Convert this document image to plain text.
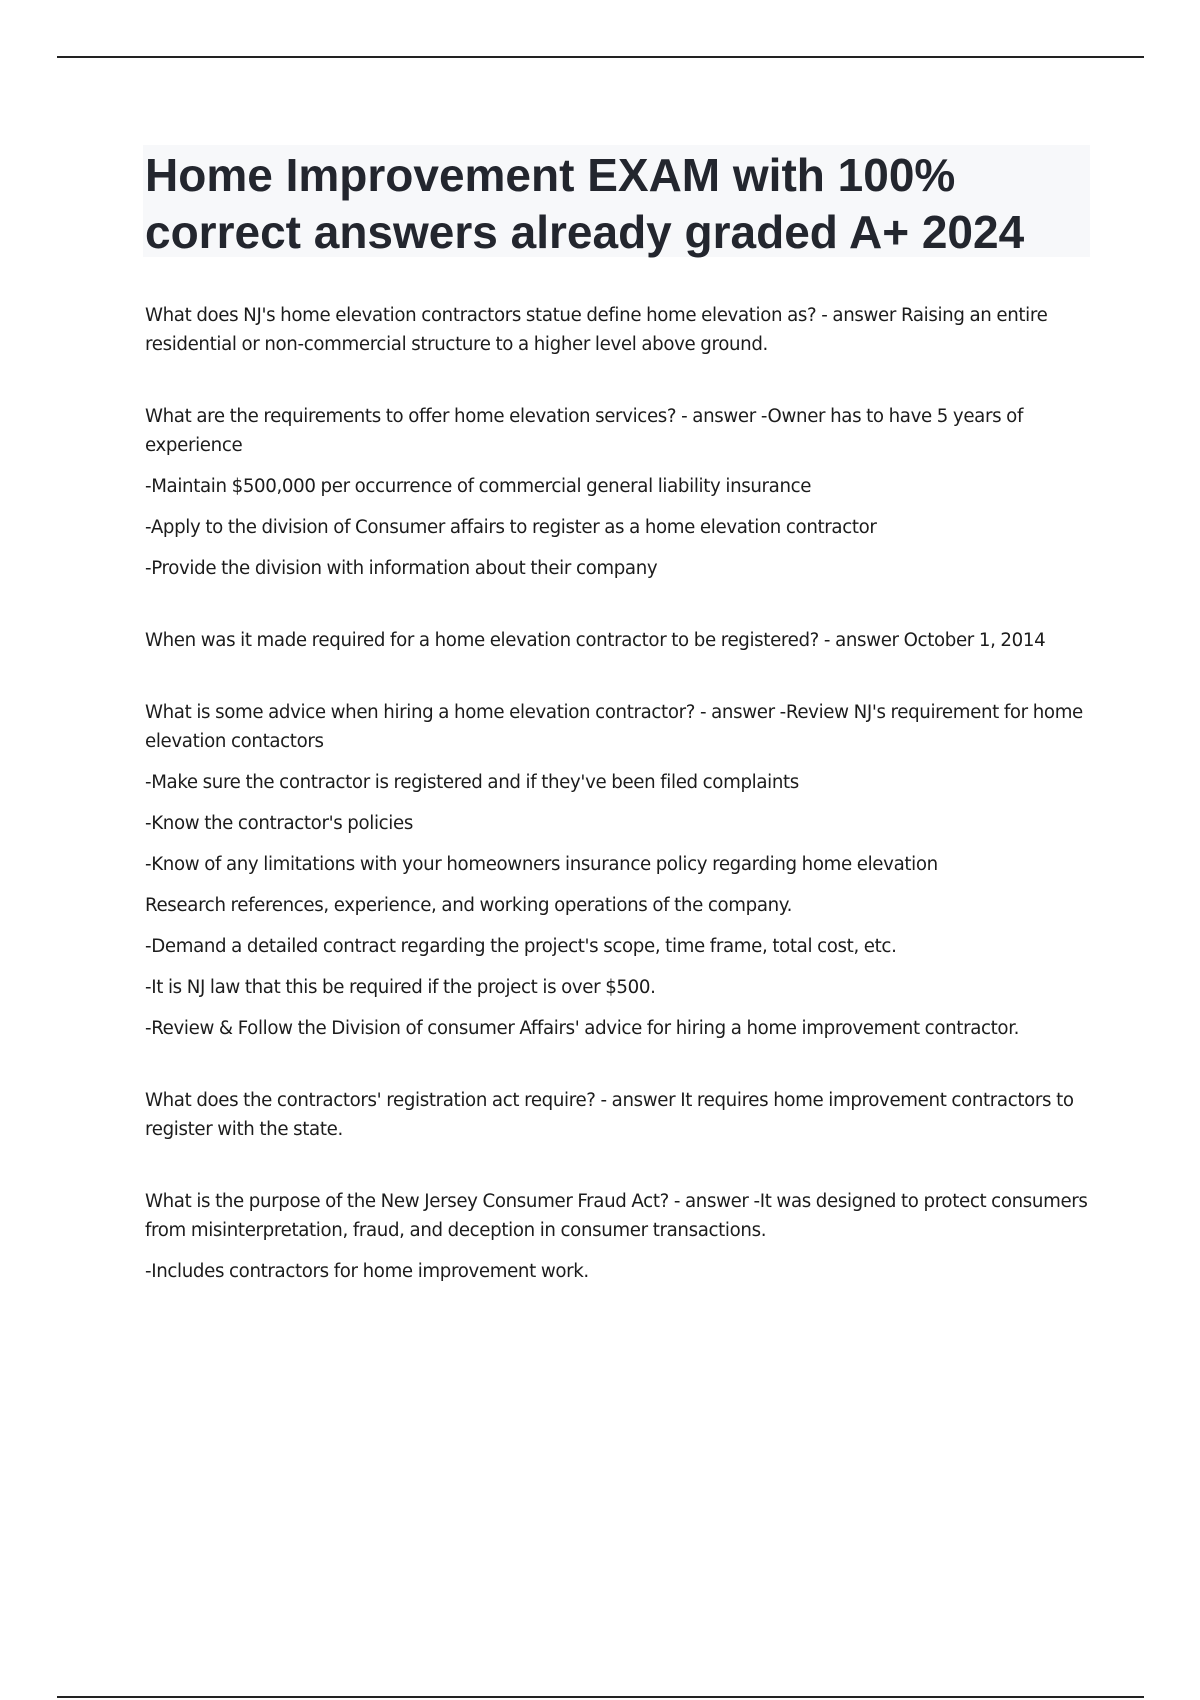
Home Improvement EXAM with 100% correct answers already graded A+ 2024

What does NJ's home elevation contractors statue define home elevation as? - answer Raising an entire residential or non-commercial structure to a higher level above ground.

What are the requirements to offer home elevation services? - answer -Owner has to have 5 years of experience

-Maintain $500,000 per occurrence of commercial general liability insurance

-Apply to the division of Consumer affairs to register as a home elevation contractor

-Provide the division with information about their company

When was it made required for a home elevation contractor to be registered? - answer October 1, 2014

What is some advice when hiring a home elevation contractor? - answer -Review NJ's requirement for home elevation contactors

-Make sure the contractor is registered and if they've been filed complaints

-Know the contractor's policies

-Know of any limitations with your homeowners insurance policy regarding home elevation

Research references, experience, and working operations of the company.

-Demand a detailed contract regarding the project's scope, time frame, total cost, etc.

-It is NJ law that this be required if the project is over $500.

-Review & Follow the Division of consumer Affairs' advice for hiring a home improvement contractor.

What does the contractors' registration act require? - answer It requires home improvement contractors to register with the state.

What is the purpose of the New Jersey Consumer Fraud Act? - answer -It was designed to protect consumers from misinterpretation, fraud, and deception in consumer transactions.

-Includes contractors for home improvement work.
